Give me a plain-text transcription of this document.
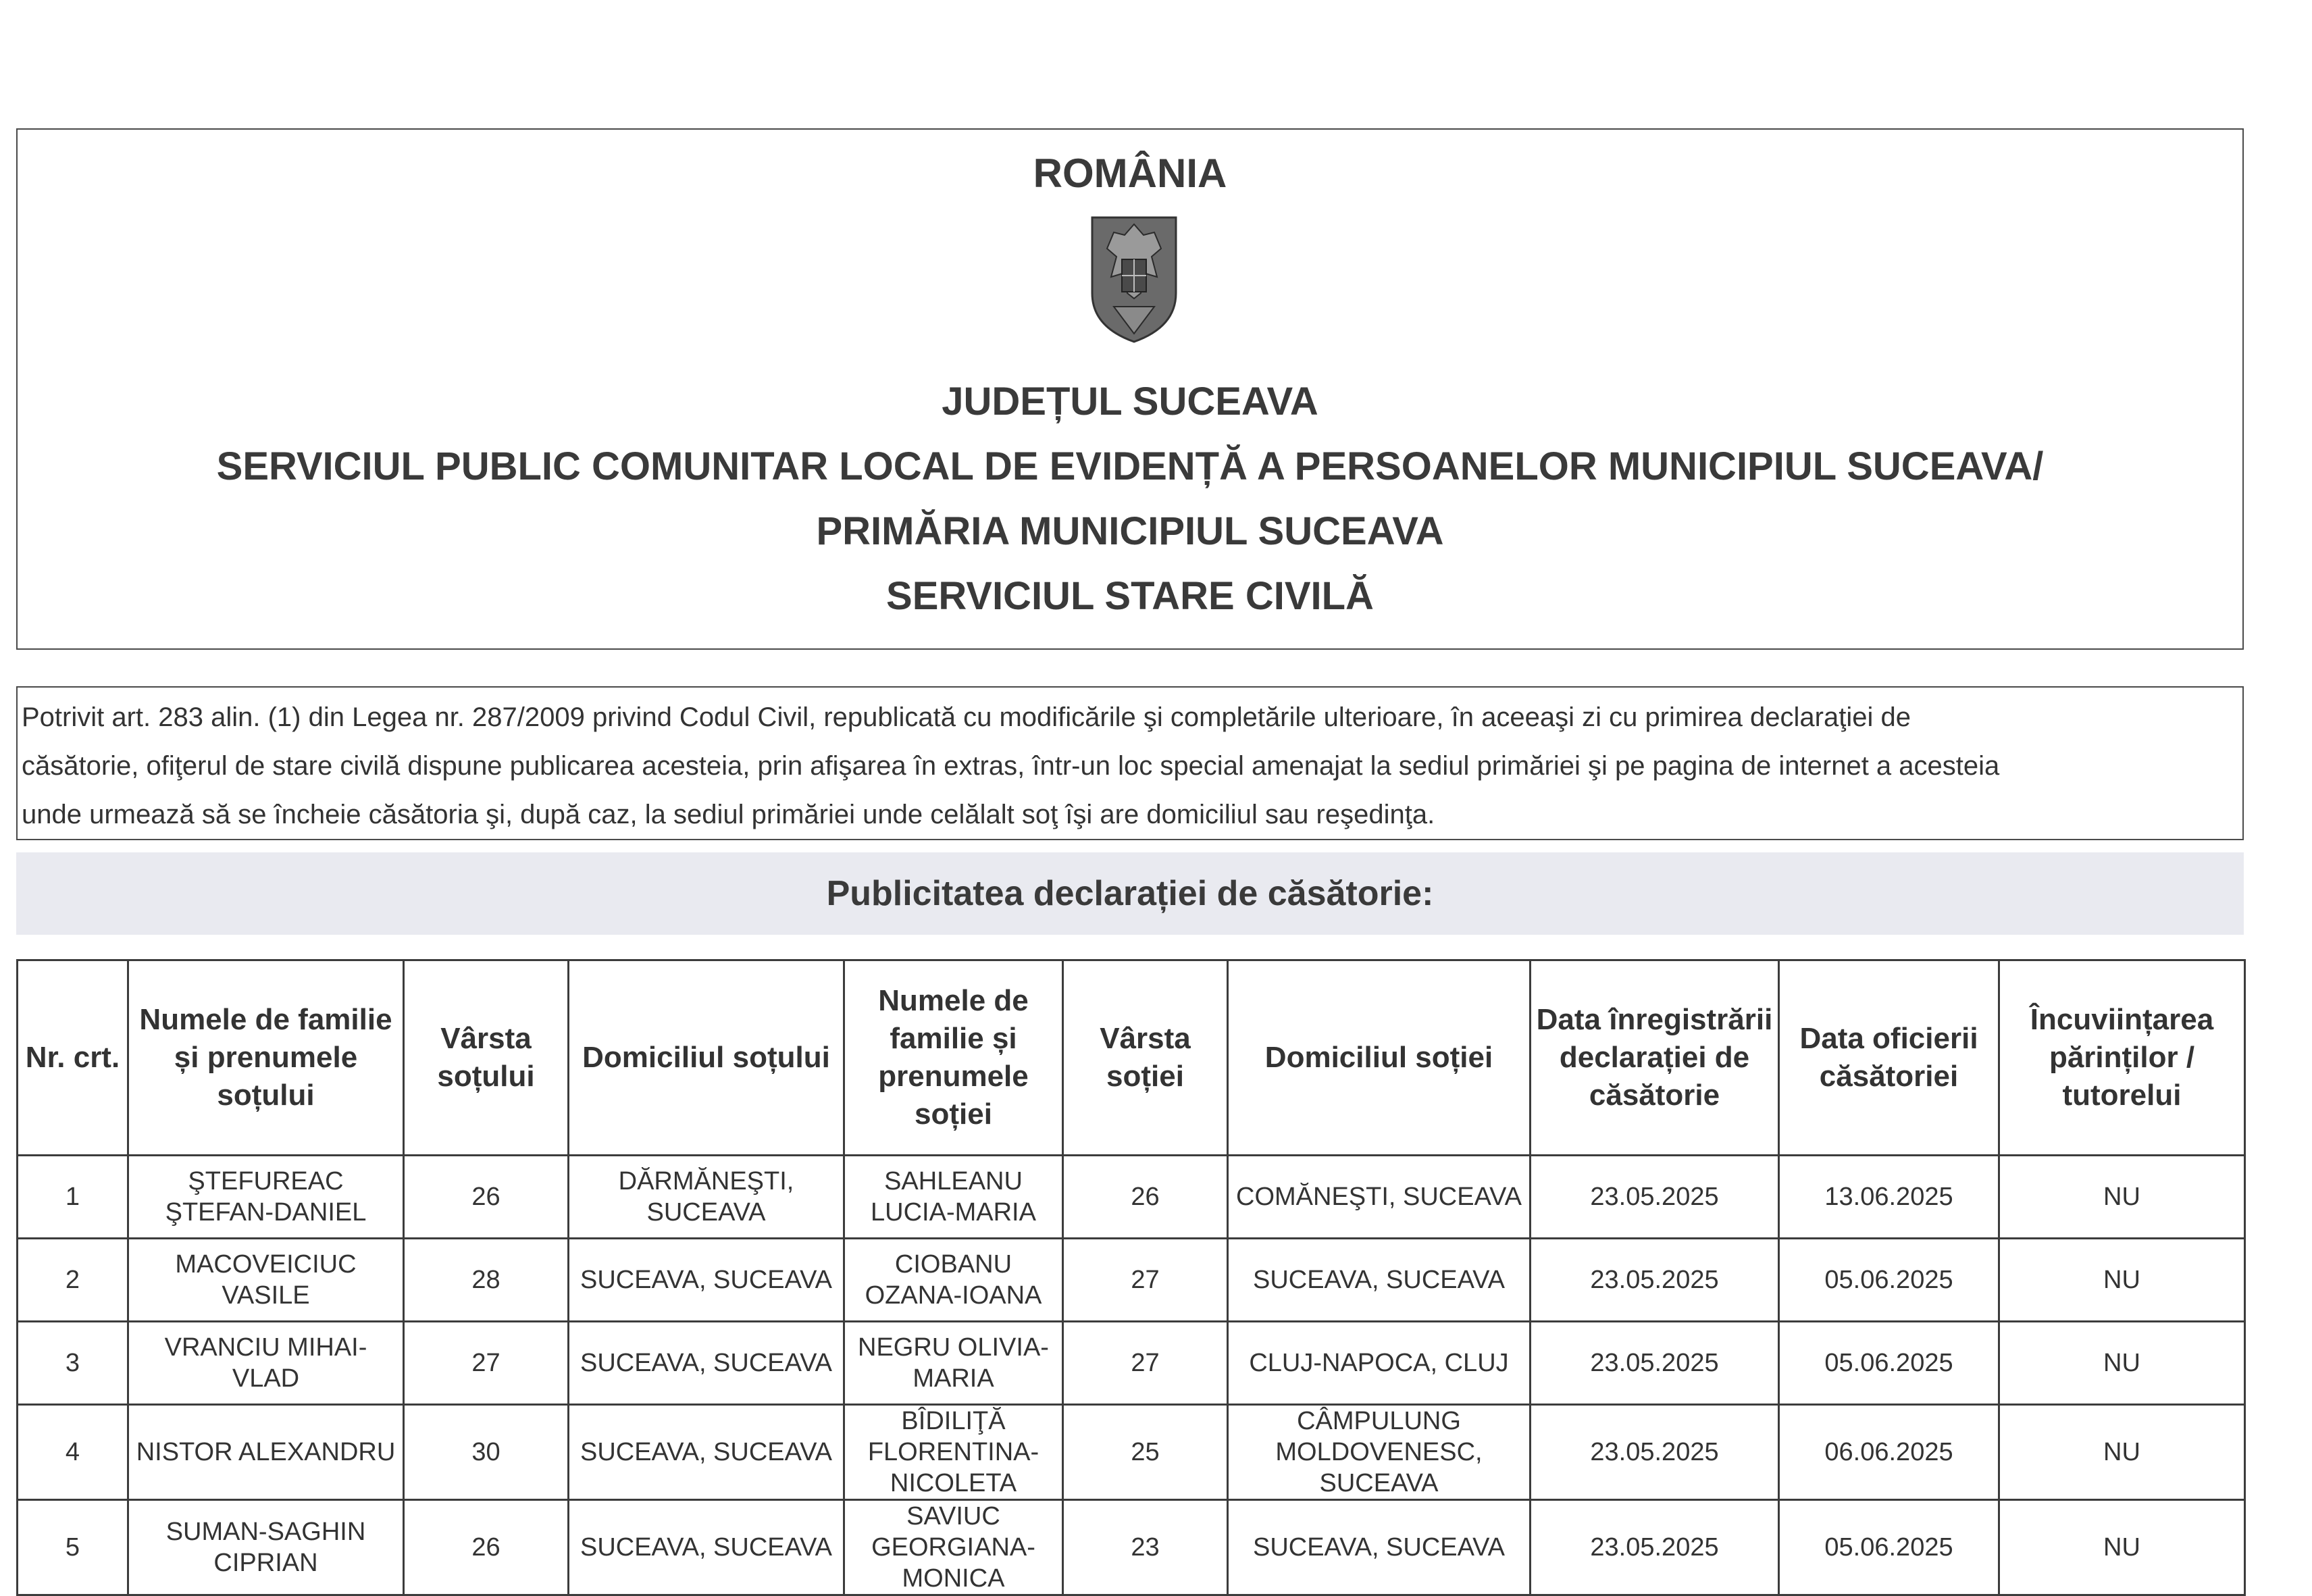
ROMÂNIA
JUDEȚUL SUCEAVA
SERVICIUL PUBLIC COMUNITAR LOCAL DE EVIDENȚĂ A PERSOANELOR MUNICIPIUL SUCEAVA/
PRIMĂRIA MUNICIPIUL SUCEAVA
SERVICIUL STARE CIVILĂ
Potrivit art. 283 alin. (1) din Legea nr. 287/2009 privind Codul Civil, republicată cu modificările şi completările ulterioare, în aceeaşi zi cu primirea declaraţiei de
căsătorie, ofiţerul de stare civilă dispune publicarea acesteia, prin afişarea în extras, într-un loc special amenajat la sediul primăriei şi pe pagina de internet a acesteia
unde urmează să se încheie căsătoria şi, după caz, la sediul primăriei unde celălalt soţ îşi are domiciliul sau reşedinţa.
Publicitatea declarației de căsătorie:
Nr. crt.	Numele de familie și prenumele soțului	Vârsta soțului	Domiciliul soțului	Numele de familie și prenumele soției	Vârsta soției	Domiciliul soției	Data înregistrării declarației de căsătorie	Data oficierii căsătoriei	Încuviințarea părinților / tutorelui
1	ŞTEFUREAC ŞTEFAN-DANIEL	26	DĂRMĂNEŞTI, SUCEAVA	SAHLEANU LUCIA-MARIA	26	COMĂNEŞTI, SUCEAVA	23.05.2025	13.06.2025	NU
2	MACOVEICIUC VASILE	28	SUCEAVA, SUCEAVA	CIOBANU OZANA-IOANA	27	SUCEAVA, SUCEAVA	23.05.2025	05.06.2025	NU
3	VRANCIU MIHAI-VLAD	27	SUCEAVA, SUCEAVA	NEGRU OLIVIA-MARIA	27	CLUJ-NAPOCA, CLUJ	23.05.2025	05.06.2025	NU
4	NISTOR ALEXANDRU	30	SUCEAVA, SUCEAVA	BÎDILIŢĂ FLORENTINA-NICOLETA	25	CÂMPULUNG MOLDOVENESC, SUCEAVA	23.05.2025	06.06.2025	NU
5	SUMAN-SAGHIN CIPRIAN	26	SUCEAVA, SUCEAVA	SAVIUC GEORGIANA-MONICA	23	SUCEAVA, SUCEAVA	23.05.2025	05.06.2025	NU
